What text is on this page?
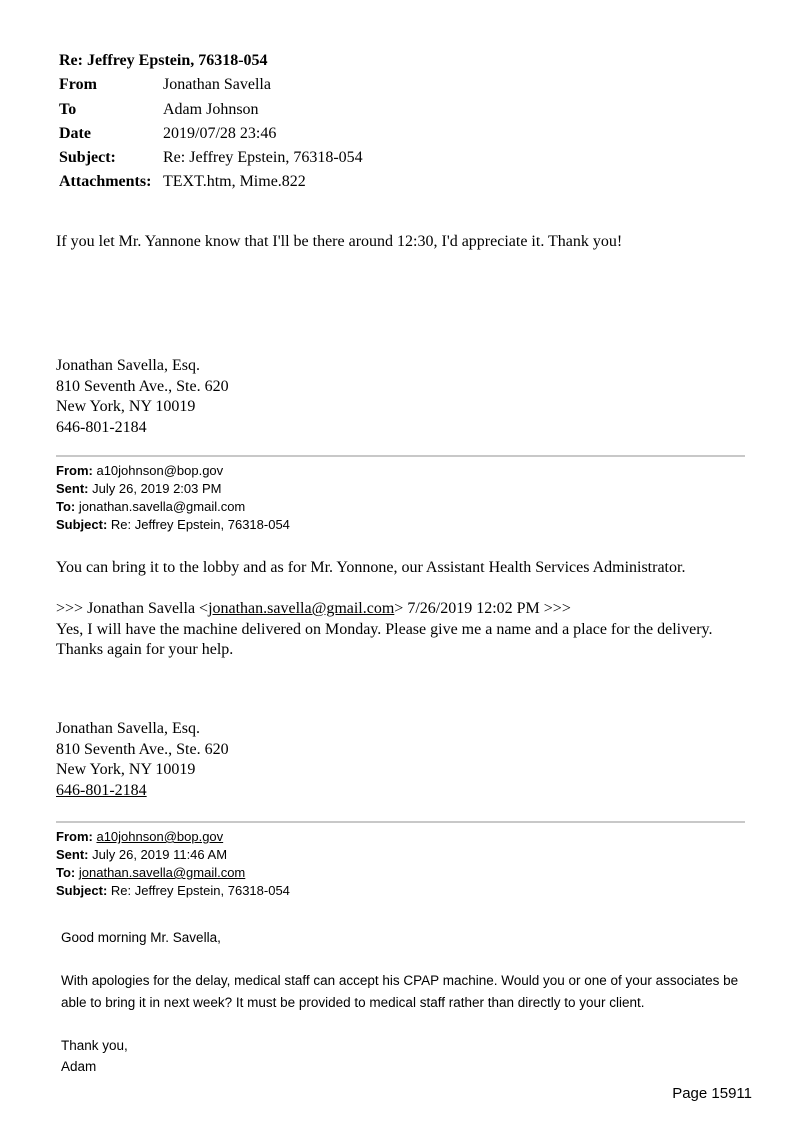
Re: Jeffrey Epstein, 76318-054
From	Jonathan Savella
To	Adam Johnson
Date	2019/07/28 23:46
Subject:	Re: Jeffrey Epstein, 76318-054
Attachments:	TEXT.htm, Mime.822
If you let Mr. Yannone know that I'll be there around 12:30, I'd appreciate it. Thank you!
Jonathan Savella, Esq.
810 Seventh Ave., Ste. 620
New York, NY 10019
646-801-2184
From: a10johnson@bop.gov
Sent: July 26, 2019 2:03 PM
To: jonathan.savella@gmail.com
Subject: Re: Jeffrey Epstein, 76318-054

You can bring it to the lobby and as for Mr. Yonnone, our Assistant Health Services Administrator.

>>> Jonathan Savella <jonathan.savella@gmail.com> 7/26/2019 12:02 PM >>>

Yes, I will have the machine delivered on Monday. Please give me a name and a place for the delivery. Thanks again for your help.

Jonathan Savella, Esq.
810 Seventh Ave., Ste. 620
New York, NY 10019
646-801-2184
From: a10johnson@bop.gov
Sent: July 26, 2019 11:46 AM
To: jonathan.savella@gmail.com
Subject: Re: Jeffrey Epstein, 76318-054

Good morning Mr. Savella,

With apologies for the delay, medical staff can accept his CPAP machine. Would you or one of your associates be able to bring it in next week? It must be provided to medical staff rather than directly to your client.

Thank you,

Adam

Page 15911
